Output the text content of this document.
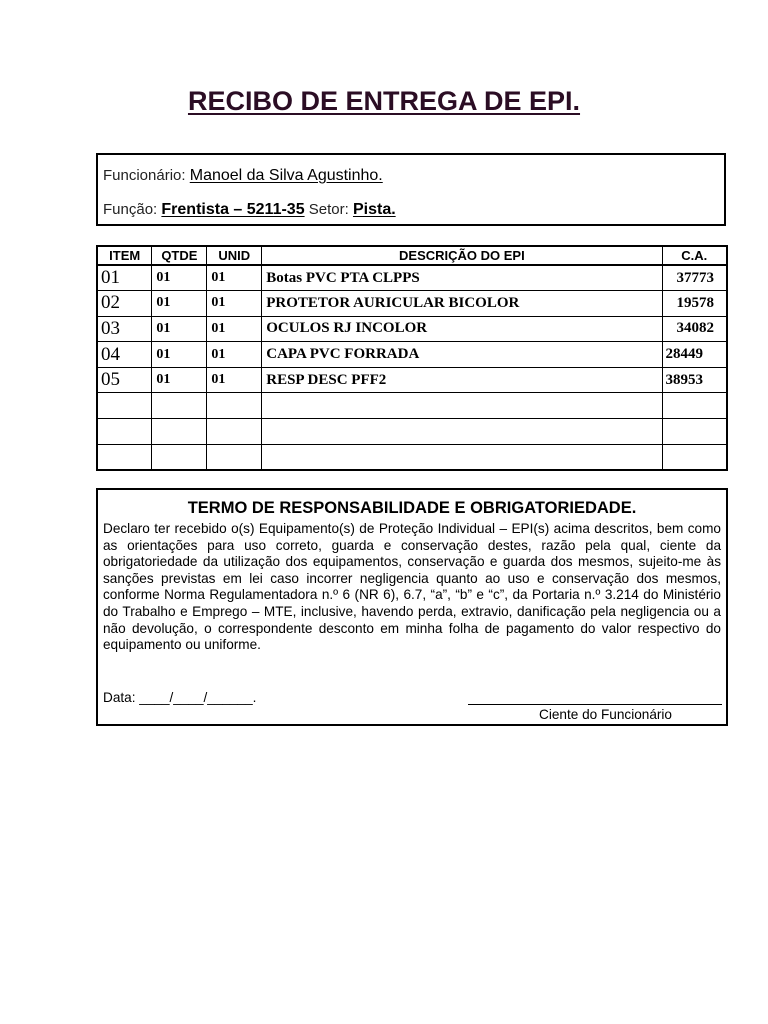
RECIBO DE ENTREGA DE EPI.
Funcionário: Manoel da Silva Agustinho.
Função: Frentista – 5211-35 Setor: Pista.
ITEM	QTDE	UNID	DESCRIÇÃO DO EPI	C.A.
01	01	01	Botas PVC PTA CLPPS	37773
02	01	01	PROTETOR AURICULAR BICOLOR	19578
03	01	01	OCULOS RJ INCOLOR	34082
04	01	01	CAPA PVC FORRADA	28449
05	01	01	RESP DESC PFF2	38953

TERMO DE RESPONSABILIDADE E OBRIGATORIEDADE.

Declaro ter recebido o(s) Equipamento(s) de Proteção Individual – EPI(s) acima descritos, bem como as orientações para uso correto, guarda e conservação destes, razão pela qual, ciente da obrigatoriedade da utilização dos equipamentos, conservação e guarda dos mesmos, sujeito-me às sanções previstas em lei caso incorrer negligencia quanto ao uso e conservação dos mesmos, conforme Norma Regulamentadora n.º 6 (NR 6), 6.7, “a”, “b” e “c”, da Portaria n.º 3.214 do Ministério do Trabalho e Emprego – MTE, inclusive, havendo perda, extravio, danificação pela negligencia ou a não devolução, o correspondente desconto em minha folha de pagamento do valor respectivo do equipamento ou uniforme.

Data: ____/____/______.
Ciente do Funcionário
